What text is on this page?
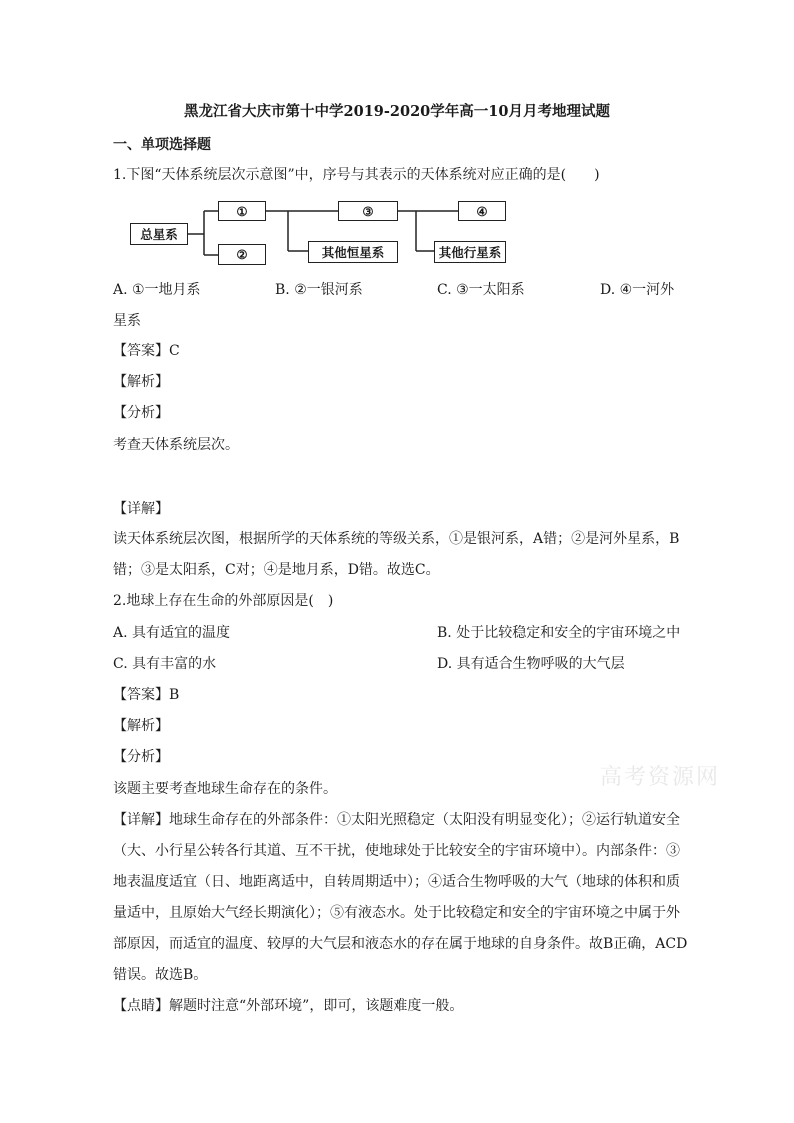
黑龙江省大庆市第十中学2019-2020学年高一10月月考地理试题
一、单项选择题
1.下图“天体系统层次示意图”中，序号与其表示的天体系统对应正确的是(　　)
总星系
①
②
③
其他恒星系
④
其他行星系
A. ①一地月系	B. ②一银河系	C. ③一太阳系	D. ④一河外
星系
【答案】C
【解析】
【分析】
考查天体系统层次。
【详解】
读天体系统层次图，根据所学的天体系统的等级关系，①是银河系，A错；②是河外星系，B
错；③是太阳系，C对；④是地月系，D错。故选C。
2.地球上存在生命的外部原因是(　)
A. 具有适宜的温度	B. 处于比较稳定和安全的宇宙环境之中
C. 具有丰富的水	D. 具有适合生物呼吸的大气层
【答案】B
【解析】
【分析】
该题主要考查地球生命存在的条件。	高考资源网
【详解】地球生命存在的外部条件：①太阳光照稳定（太阳没有明显变化）；②运行轨道安全
（大、小行星公转各行其道、互不干扰，使地球处于比较安全的宇宙环境中）。内部条件：③
地表温度适宜（日、地距离适中，自转周期适中）；④适合生物呼吸的大气（地球的体积和质
量适中，且原始大气经长期演化）；⑤有液态水。处于比较稳定和安全的宇宙环境之中属于外
部原因，而适宜的温度、较厚的大气层和液态水的存在属于地球的自身条件。故B正确，ACD
错误。故选B。
【点睛】解题时注意“外部环境”，即可，该题难度一般。
